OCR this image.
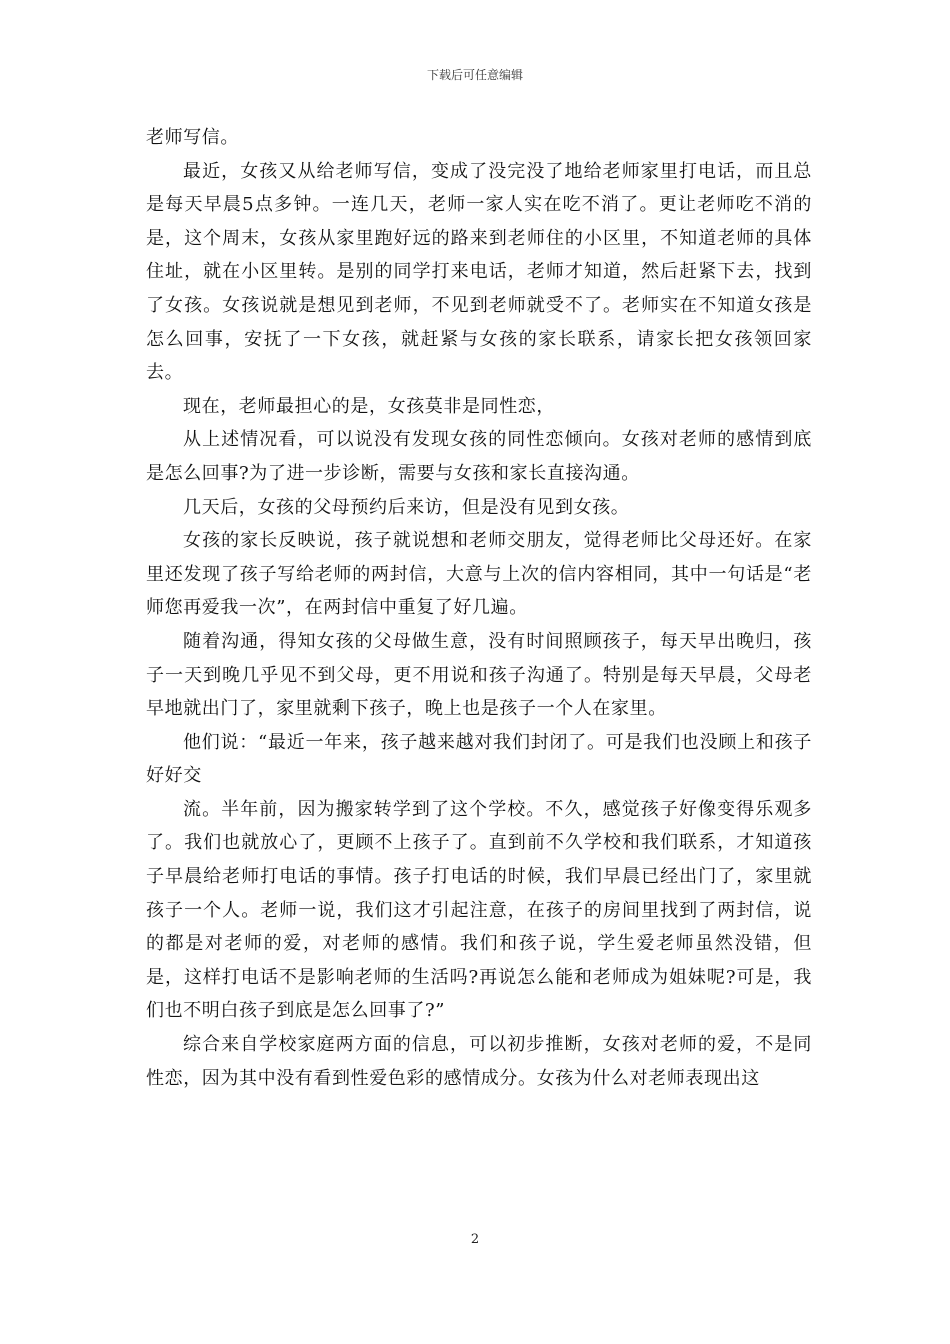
下载后可任意编辑

老师写信。

最近，女孩又从给老师写信，变成了没完没了地给老师家里打电话，而且总是每天早晨5点多钟。一连几天，老师一家人实在吃不消了。更让老师吃不消的是，这个周末，女孩从家里跑好远的路来到老师住的小区里，不知道老师的具体住址，就在小区里转。是别的同学打来电话，老师才知道，然后赶紧下去，找到了女孩。女孩说就是想见到老师，不见到老师就受不了。老师实在不知道女孩是怎么回事，安抚了一下女孩，就赶紧与女孩的家长联系，请家长把女孩领回家去。

现在，老师最担心的是，女孩莫非是同性恋，

从上述情况看，可以说没有发现女孩的同性恋倾向。女孩对老师的感情到底是怎么回事?为了进一步诊断，需要与女孩和家长直接沟通。

几天后，女孩的父母预约后来访，但是没有见到女孩。

女孩的家长反映说，孩子就说想和老师交朋友，觉得老师比父母还好。在家里还发现了孩子写给老师的两封信，大意与上次的信内容相同，其中一句话是“老师您再爱我一次”，在两封信中重复了好几遍。

随着沟通，得知女孩的父母做生意，没有时间照顾孩子，每天早出晚归，孩子一天到晚几乎见不到父母，更不用说和孩子沟通了。特别是每天早晨，父母老早地就出门了，家里就剩下孩子，晚上也是孩子一个人在家里。

他们说：“最近一年来，孩子越来越对我们封闭了。可是我们也没顾上和孩子好好交

流。半年前，因为搬家转学到了这个学校。不久，感觉孩子好像变得乐观多了。我们也就放心了，更顾不上孩子了。直到前不久学校和我们联系，才知道孩子早晨给老师打电话的事情。孩子打电话的时候，我们早晨已经出门了，家里就孩子一个人。老师一说，我们这才引起注意，在孩子的房间里找到了两封信，说的都是对老师的爱，对老师的感情。我们和孩子说，学生爱老师虽然没错，但是，这样打电话不是影响老师的生活吗?再说怎么能和老师成为姐妹呢?可是，我们也不明白孩子到底是怎么回事了?”

综合来自学校家庭两方面的信息，可以初步推断，女孩对老师的爱，不是同性恋，因为其中没有看到性爱色彩的感情成分。女孩为什么对老师表现出这

2
